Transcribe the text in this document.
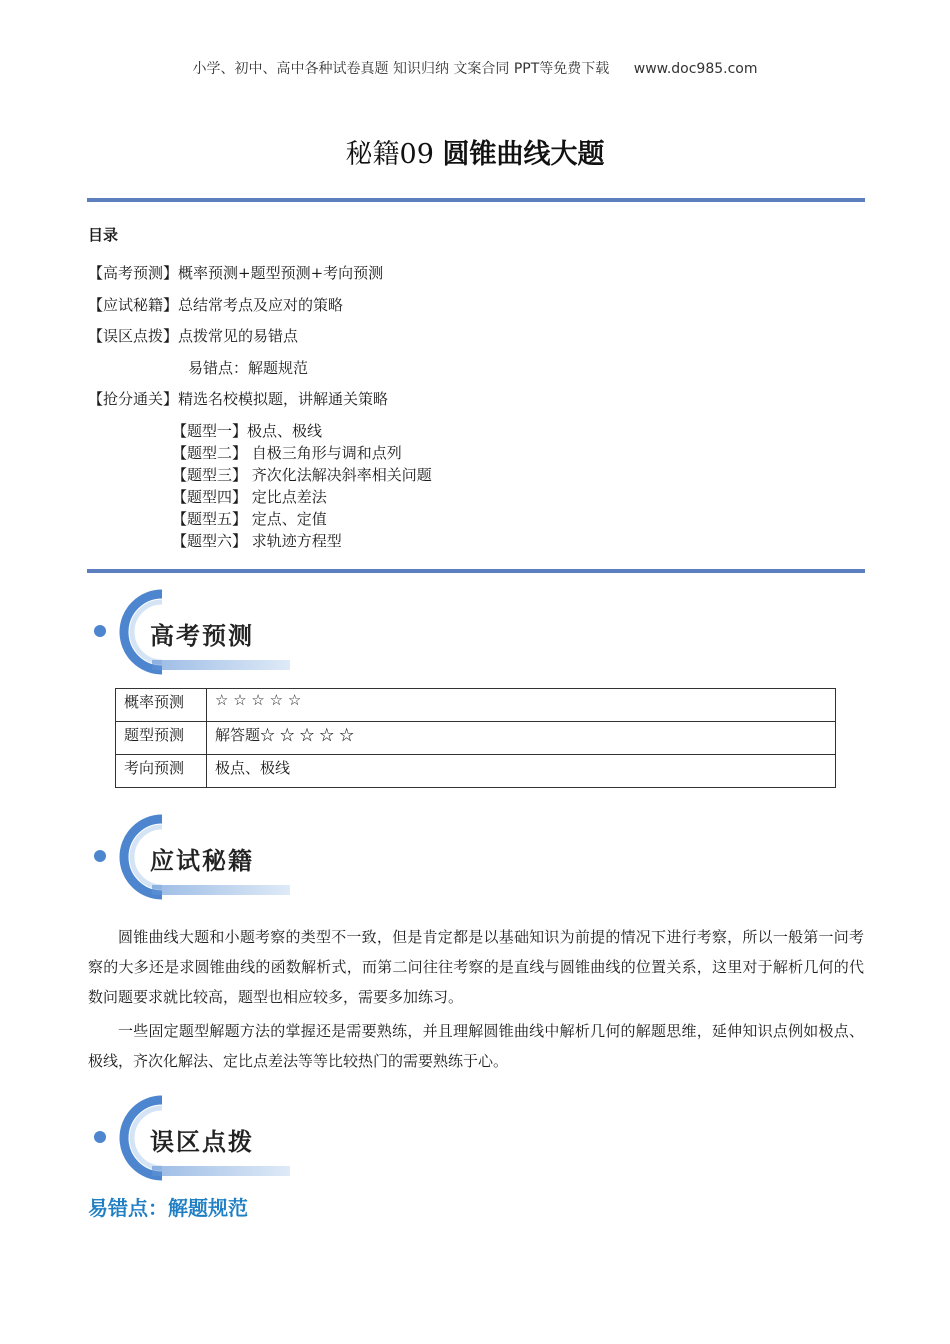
小学、初中、高中各种试卷真题 知识归纳 文案合同 PPT等免费下载 www.doc985.com
秘籍09 圆锥曲线大题
目录
【高考预测】概率预测+题型预测+考向预测
【应试秘籍】总结常考点及应对的策略
【误区点拨】点拨常见的易错点
易错点：解题规范
【抢分通关】精选名校模拟题，讲解通关策略
【题型一】极点、极线
【题型二】 自极三角形与调和点列
【题型三】 齐次化法解决斜率相关问题
【题型四】 定比点差法
【题型五】 定点、定值
【题型六】 求轨迹方程型
高考预测
概率预测	☆ ☆ ☆ ☆ ☆
题型预测	解答题☆ ☆ ☆ ☆ ☆
考向预测	极点、极线
应试秘籍
圆锥曲线大题和小题考察的类型不一致，但是肯定都是以基础知识为前提的情况下进行考察，所以一般第一问考察的大多还是求圆锥曲线的函数解析式，而第二问往往考察的是直线与圆锥曲线的位置关系，这里对于解析几何的代数问题要求就比较高，题型也相应较多，需要多加练习。
一些固定题型解题方法的掌握还是需要熟练，并且理解圆锥曲线中解析几何的解题思维，延伸知识点例如极点、极线，齐次化解法、定比点差法等等比较热门的需要熟练于心。
误区点拨
易错点：解题规范
